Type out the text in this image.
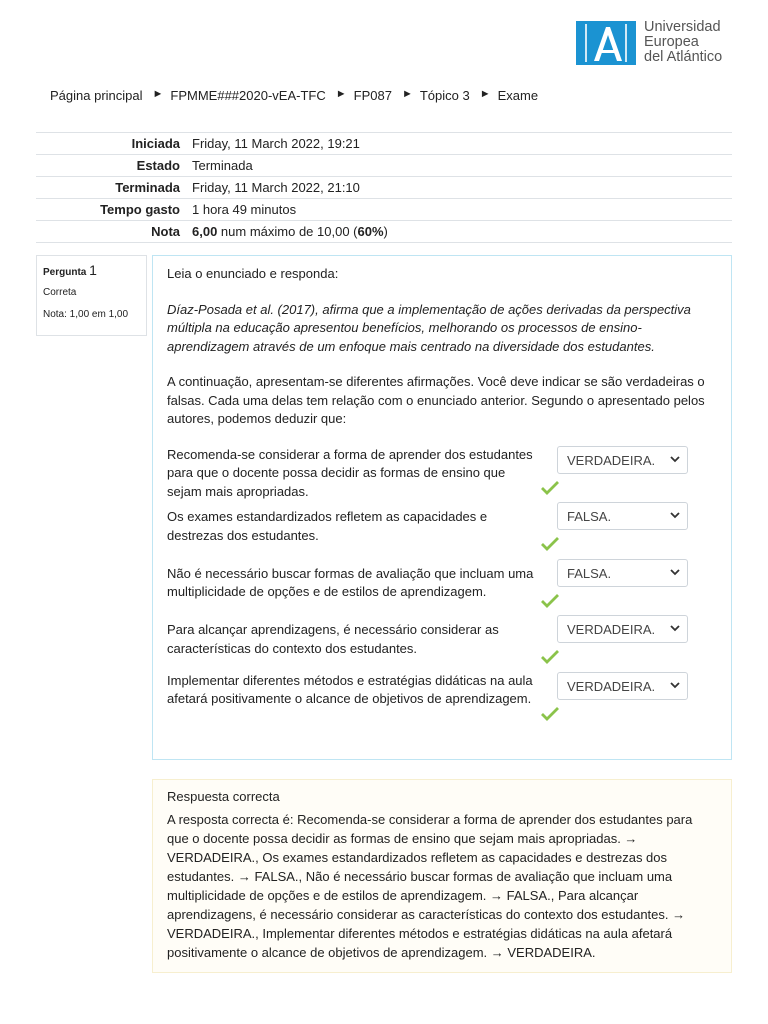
Universidad
Europea
del Atlántico
Página principal ► FPMME###2020-vEA-TFC ► FP087 ► Tópico 3 ► Exame
Iniciada	Friday, 11 March 2022, 19:21
Estado	Terminada
Terminada	Friday, 11 March 2022, 21:10
Tempo gasto	1 hora 49 minutos
Nota	6,00 num máximo de 10,00 (60%)
Pergunta 1
Correta
Nota: 1,00 em 1,00

Leia o enunciado e responda:

Díaz-Posada et al. (2017), afirma que a implementação de ações derivadas da perspectiva múltipla na educação apresentou benefícios, melhorando os processos de ensino- aprendizagem através de um enfoque mais centrado na diversidade dos estudantes.

A continuação, apresentam-se diferentes afirmações. Você deve indicar se são verdadeiras o falsas. Cada uma delas tem relação com o enunciado anterior. Segundo o apresentado pelos autores, podemos deduzir que:

Recomenda-se considerar a forma de aprender dos estudantes para que o docente possa decidir as formas de ensino que sejam mais apropriadas.
VERDADEIRA.
Os exames estandardizados refletem as capacidades e destrezas dos estudantes.
FALSA.
Não é necessário buscar formas de avaliação que incluam uma multiplicidade de opções e de estilos de aprendizagem.
FALSA.
Para alcançar aprendizagens, é necessário considerar as características do contexto dos estudantes.
VERDADEIRA.
Implementar diferentes métodos e estratégias didáticas na aula afetará positivamente o alcance de objetivos de aprendizagem.
VERDADEIRA.
Respuesta correcta
A resposta correcta é: Recomenda-se considerar a forma de aprender dos estudantes para que o docente possa decidir as formas de ensino que sejam mais apropriadas. → VERDADEIRA., Os exames estandardizados refletem as capacidades e destrezas dos estudantes. → FALSA., Não é necessário buscar formas de avaliação que incluam uma multiplicidade de opções e de estilos de aprendizagem. → FALSA., Para alcançar aprendizagens, é necessário considerar as características do contexto dos estudantes. → VERDADEIRA., Implementar diferentes métodos e estratégias didáticas na aula afetará positivamente o alcance de objetivos de aprendizagem. → VERDADEIRA.
